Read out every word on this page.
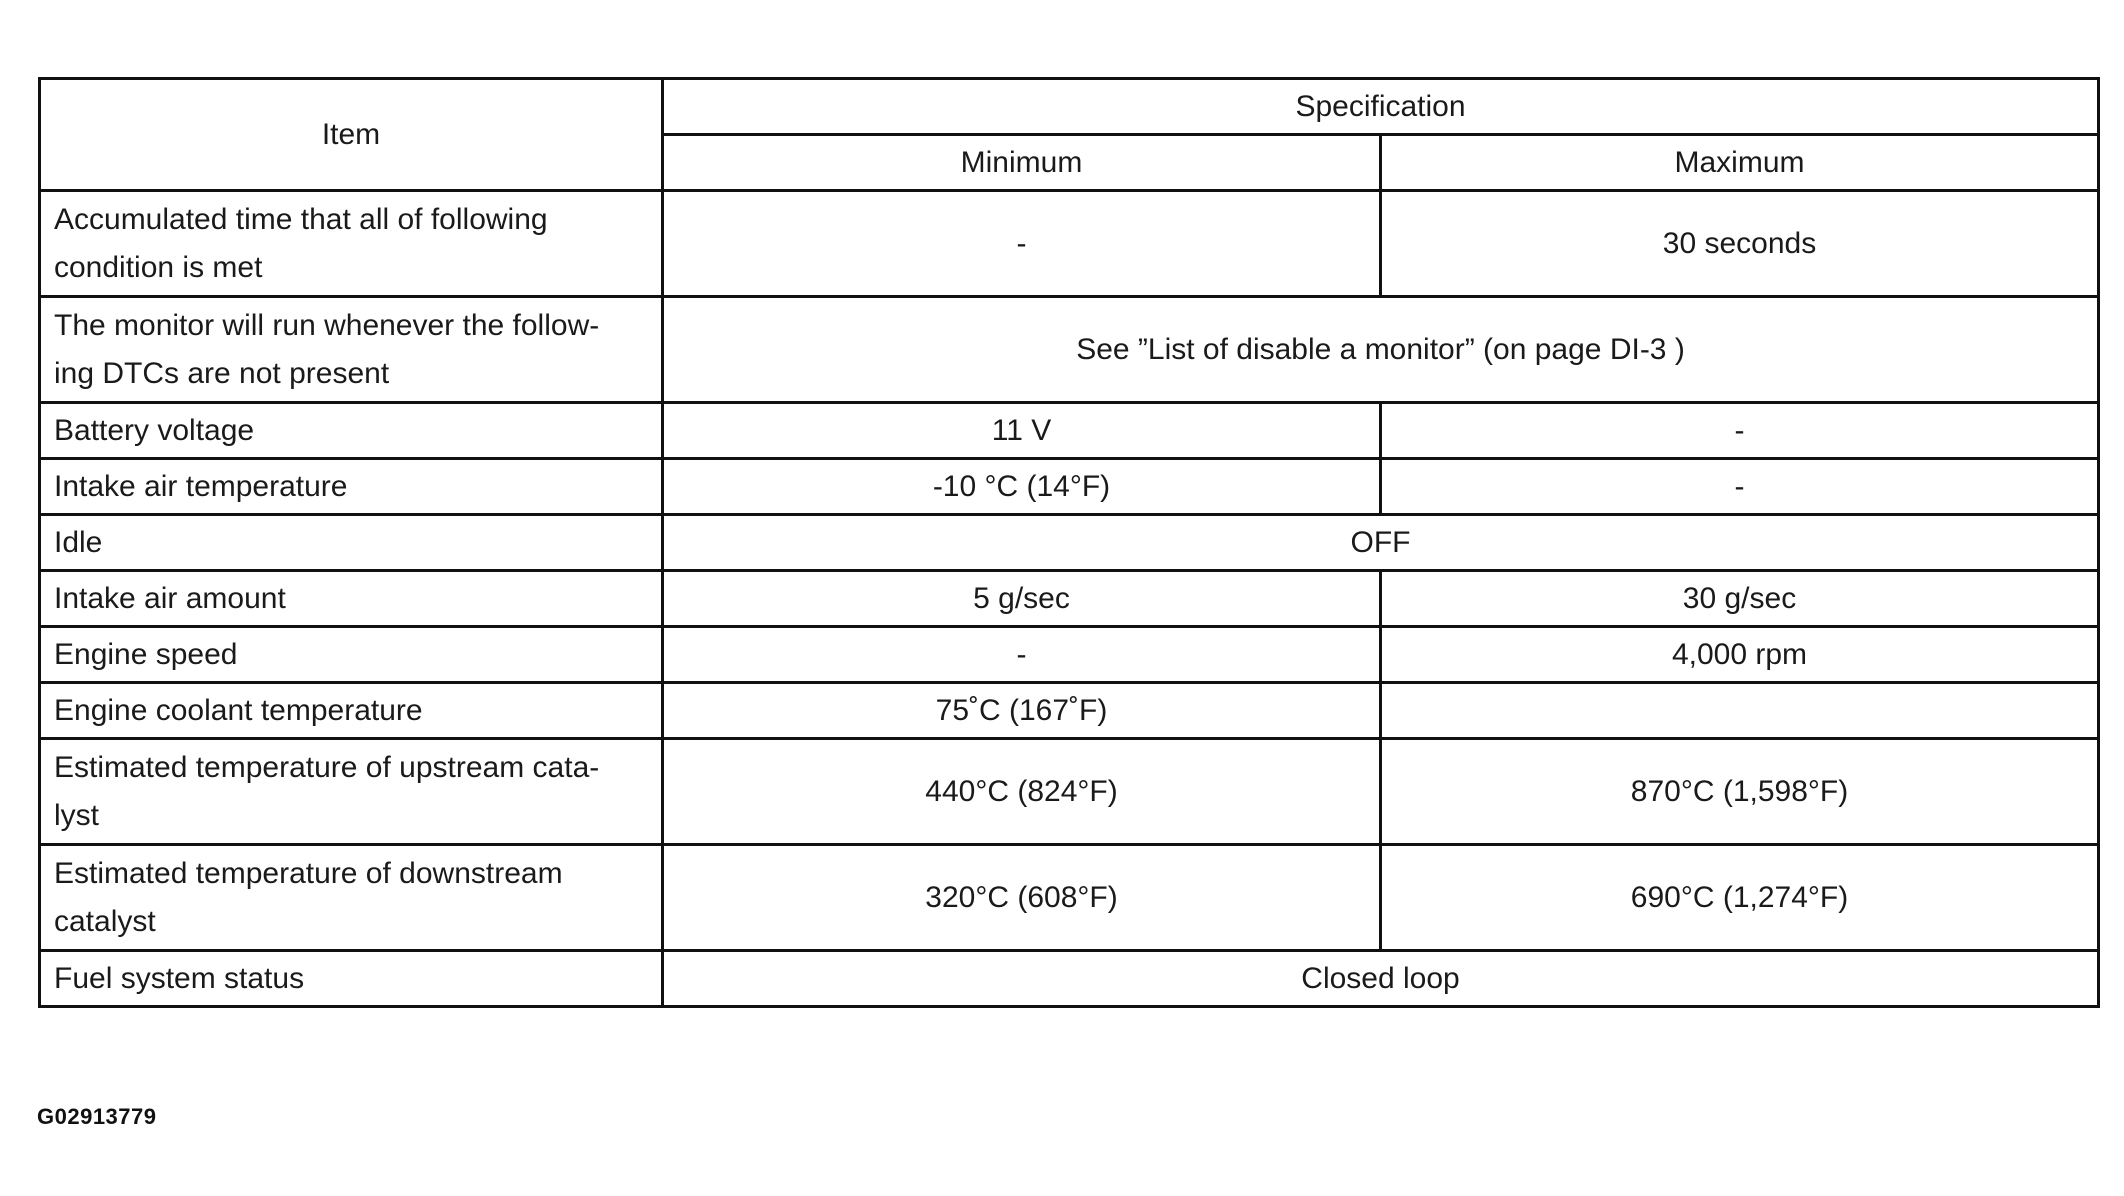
Item	Specification	
	Minimum	Maximum
Accumulated time that all of following
condition is met	-	30 seconds
The monitor will run whenever the follow-
ing DTCs are not present	See ”List of disable a monitor” (on page DI-3 )	
Battery voltage	11 V	-
Intake air temperature	-10 °C (14°F)	-
Idle	OFF	
Intake air amount	5 g/sec	30 g/sec
Engine speed	-	4,000 rpm
Engine coolant temperature	75˚C (167˚F)	
Estimated temperature of upstream cata-
lyst	440°C (824°F)	870°C (1,598°F)
Estimated temperature of downstream
catalyst	320°C (608°F)	690°C (1,274°F)
Fuel system status	Closed loop	
G02913779
